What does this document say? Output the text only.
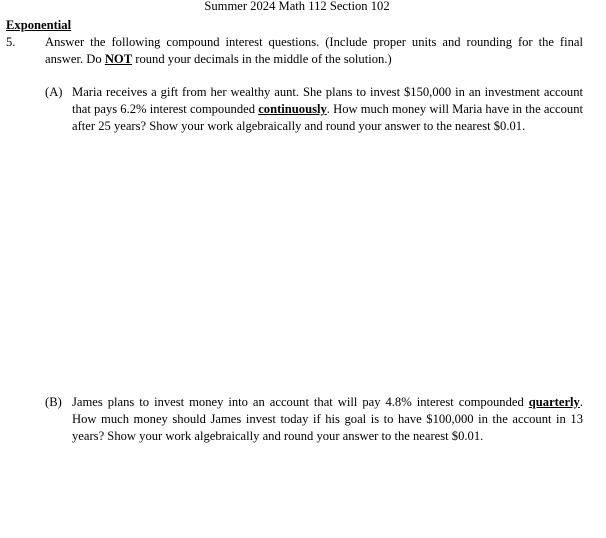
Summer 2024 Math 112 Section 102
Exponential
5. Answer the following compound interest questions. (Include proper units and rounding for the final answer. Do NOT round your decimals in the middle of the solution.)
(A) Maria receives a gift from her wealthy aunt. She plans to invest $150,000 in an investment account that pays 6.2% interest compounded continuously. How much money will Maria have in the account after 25 years? Show your work algebraically and round your answer to the nearest $0.01.
(B) James plans to invest money into an account that will pay 4.8% interest compounded quarterly. How much money should James invest today if his goal is to have $100,000 in the account in 13 years? Show your work algebraically and round your answer to the nearest $0.01.
